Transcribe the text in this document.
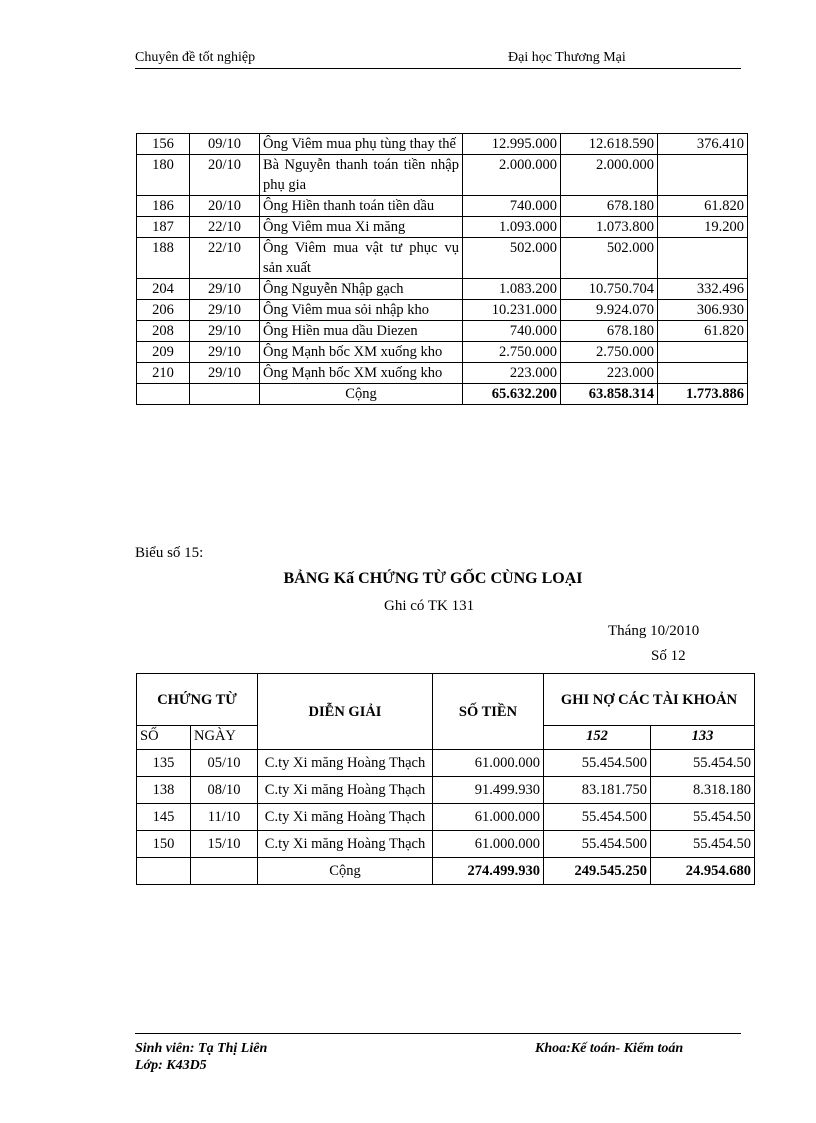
Chuyên đề tốt nghiệp	Đại học Thương Mại
156	09/10	Ông Viêm mua phụ tùng thay thế	12.995.000	12.618.590	376.410
180	20/10	Bà Nguyễn thanh toán tiền nhập phụ gia	2.000.000	2.000.000	
186	20/10	Ông Hiền thanh toán tiền dầu	740.000	678.180	61.820
187	22/10	Ông Viêm mua Xi măng	1.093.000	1.073.800	19.200
188	22/10	Ông Viêm mua vật tư phục vụ sản xuất	502.000	502.000	
204	29/10	Ông Nguyễn Nhập gạch	1.083.200	10.750.704	332.496
206	29/10	Ông Viêm mua sỏi nhập kho	10.231.000	9.924.070	306.930
208	29/10	Ông Hiền mua dầu Diezen	740.000	678.180	61.820
209	29/10	Ông Mạnh bốc XM xuống kho	2.750.000	2.750.000	
210	29/10	Ông Mạnh bốc XM xuống kho	223.000	223.000	
		Cộng	65.632.200	63.858.314	1.773.886
Biểu số 15:
BẢNG Kấ CHỨNG TỪ GỐC CÙNG LOẠI
Ghi có TK 131
Tháng 10/2010
Số 12
CHỨNG TỪ		DIỄN GIẢI	SỐ TIỀN	GHI NỢ CÁC TÀI KHOẢN	
SỐ	NGÀY			152	133
135	05/10	C.ty Xi măng Hoàng Thạch	61.000.000	55.454.500	55.454.50
138	08/10	C.ty Xi măng Hoàng Thạch	91.499.930	83.181.750	8.318.180
145	11/10	C.ty Xi măng Hoàng Thạch	61.000.000	55.454.500	55.454.50
150	15/10	C.ty Xi măng Hoàng Thạch	61.000.000	55.454.500	55.454.50
		Cộng	274.499.930	249.545.250	24.954.680
Sinh viên: Tạ Thị Liên
Lớp: K43D5
Khoa:Kế toán- Kiểm toán
